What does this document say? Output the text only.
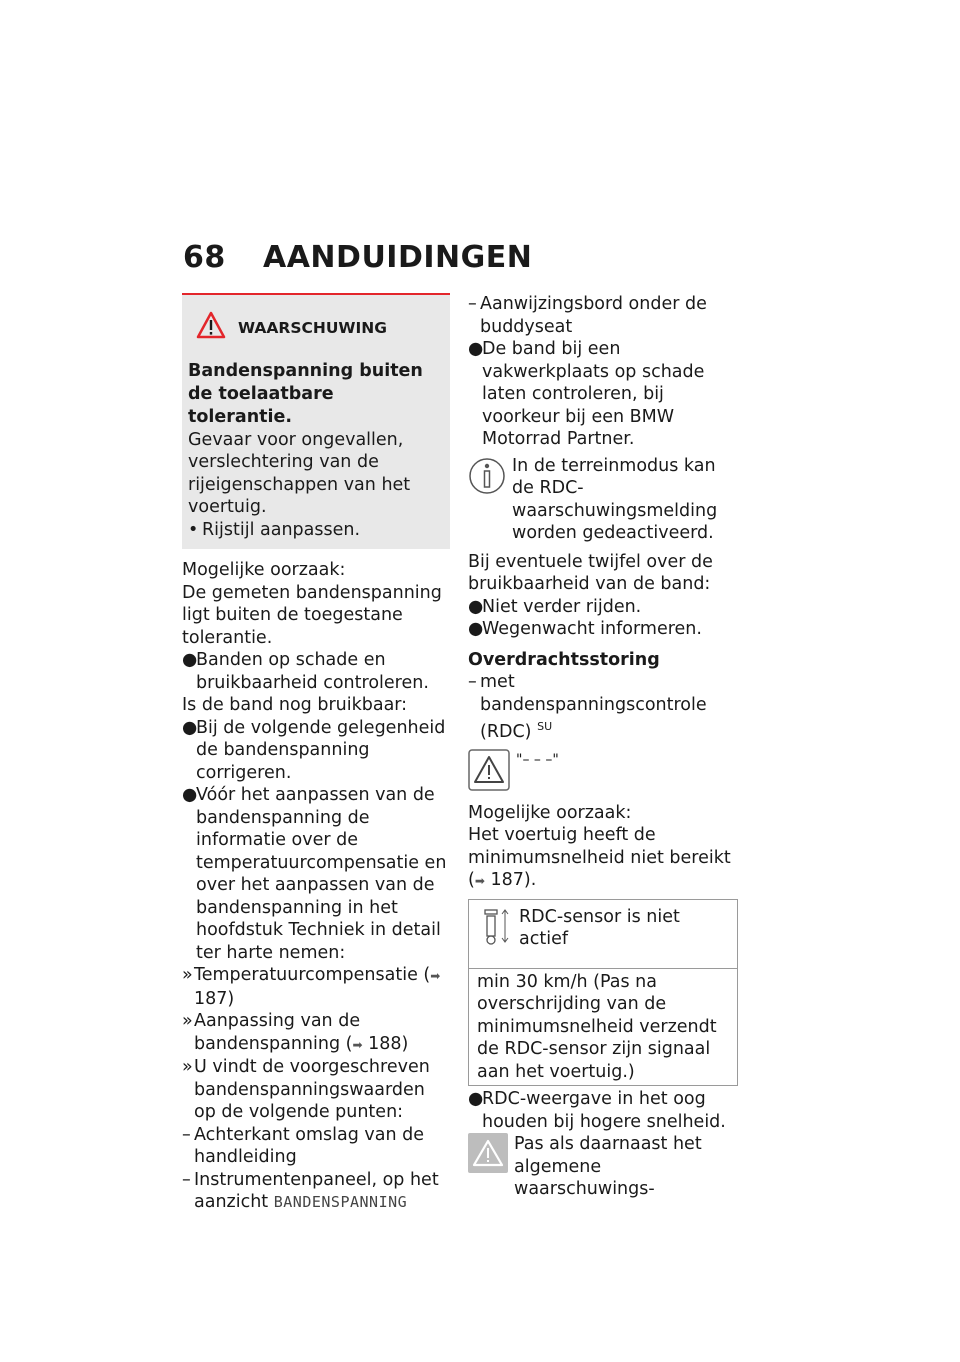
68 AANDUIDINGEN
WAARSCHUWING
Bandenspanning buiten de toelaatbare tolerantie.
Gevaar voor ongevallen, verslechtering van de rijeigenschappen van het voertuig.
• Rijstijl aanpassen.
Mogelijke oorzaak:
De gemeten bandenspanning ligt buiten de toegestane tolerantie.
●
Banden op schade en bruikbaarheid controleren.
Is de band nog bruikbaar:
●
Bij de volgende gelegenheid de bandenspanning corrigeren.
●
Vóór het aanpassen van de bandenspanning de informatie over de temperatuurcompensatie en over het aanpassen van de bandenspanning in het hoofdstuk Techniek in detail ter harte nemen:
» Temperatuurcompensatie (➡ 187)
» Aanpassing van de bandenspanning (➡ 188)
» U vindt de voorgeschreven bandenspanningswaarden op de volgende punten:
– Achterkant omslag van de handleiding
– Instrumentenpaneel, op het aanzicht BANDENSPANNING
– Aanwijzingsbord onder de buddyseat
●
De band bij een vakwerkplaats op schade laten controleren, bij voorkeur bij een BMW Motorrad Partner.
In de terreinmodus kan de RDC-waarschuwingsmelding worden gedeactiveerd.
Bij eventuele twijfel over de bruikbaarheid van de band:
●
Niet verder rijden.
●
Wegenwacht informeren.
Overdrachtsstoring
– met bandenspanningscontrole (RDC) $^{SU}$
"– – –"
Mogelijke oorzaak:
Het voertuig heeft de minimumsnelheid niet bereikt (➡ 187).
RDC-sensor is niet actief
min 30 km/h (Pas na overschrijding van de minimumsnelheid verzendt de RDC-sensor zijn signaal aan het voertuig.)
●
RDC-weergave in het oog houden bij hogere snelheid.
Pas als daarnaast het algemene waarschuwings-
